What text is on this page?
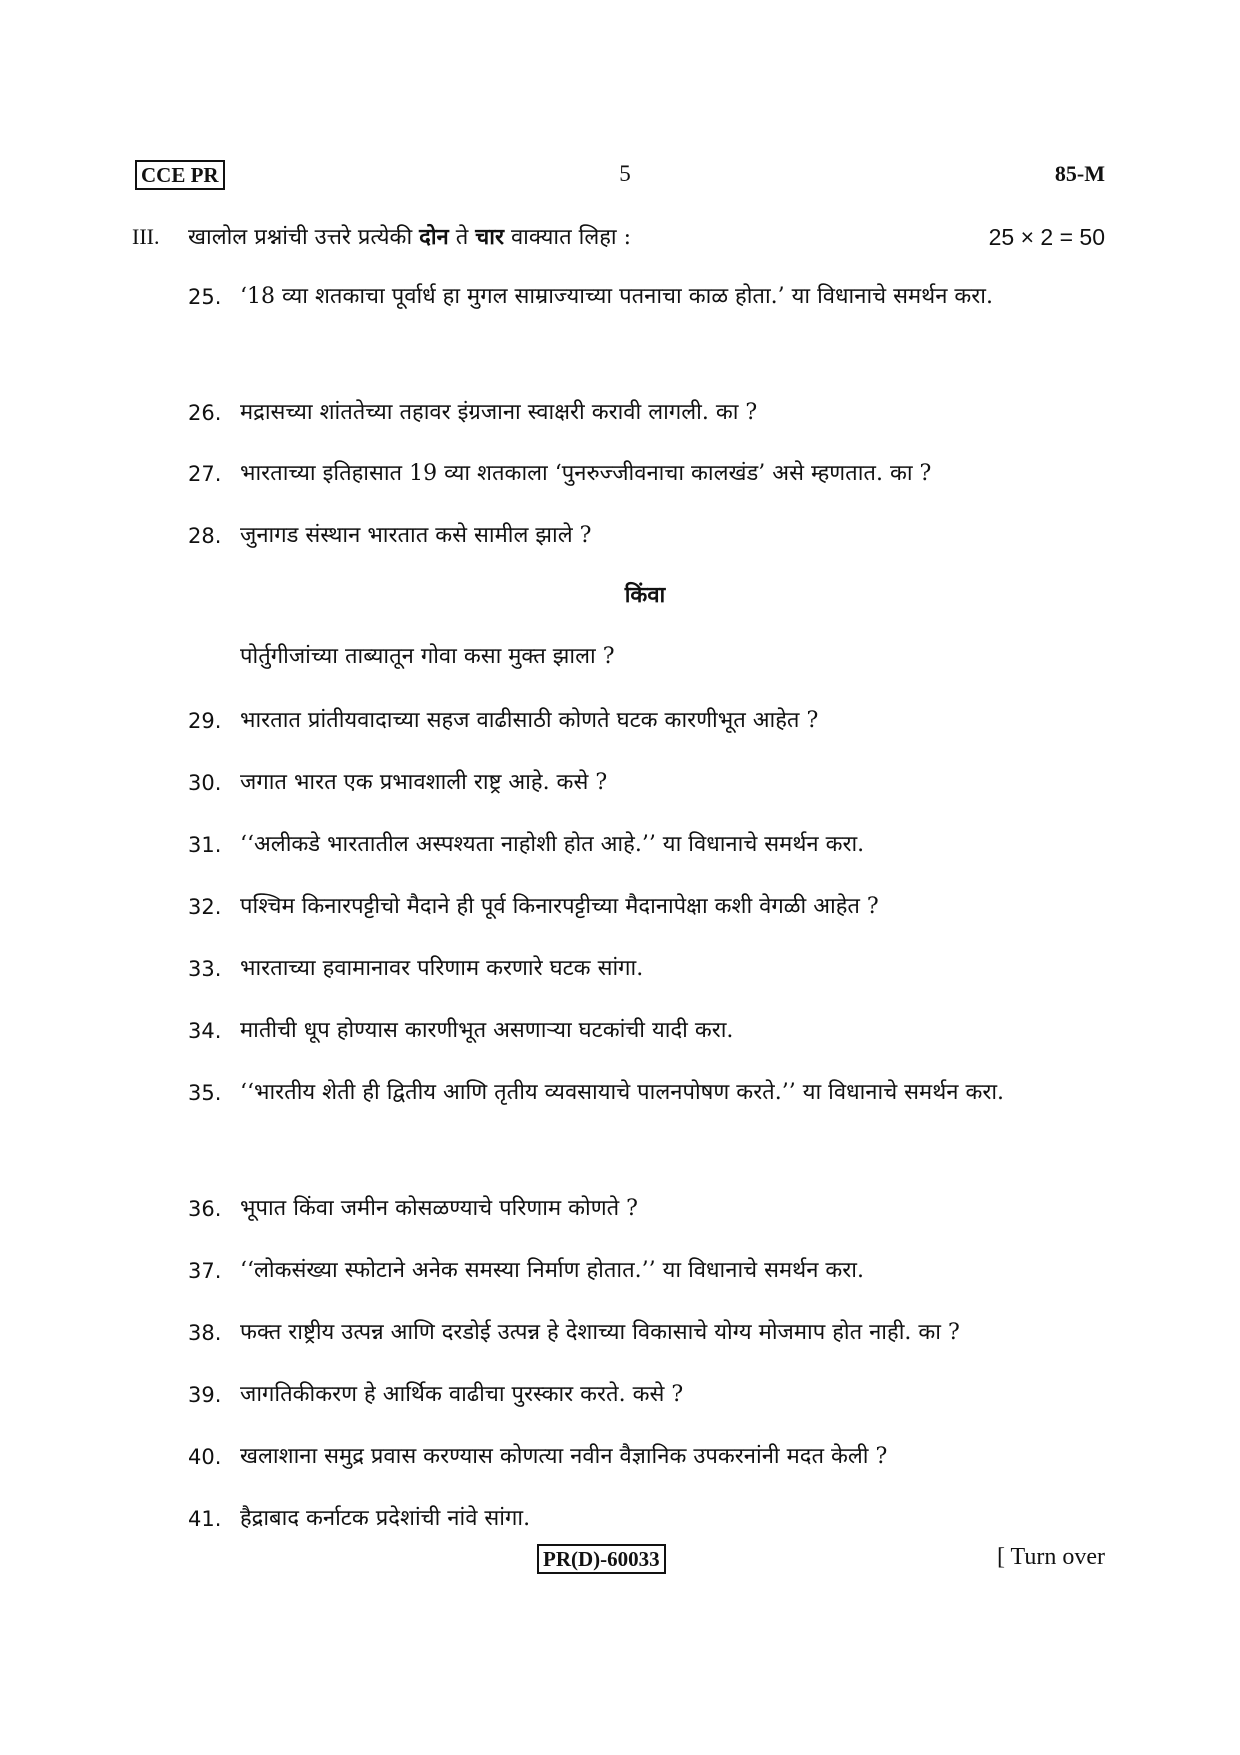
CCE PR	5	85-M
III. खालोल प्रश्नांची उत्तरे प्रत्येकी दोन ते चार वाक्यात लिहा :	25 × 2 = 50
25. ‘18 व्या शतकाचा पूर्वार्ध हा मुगल साम्राज्याच्या पतनाचा काळ होता.’ या विधानाचे समर्थन करा.
26. मद्रासच्या शांततेच्या तहावर इंग्रजाना स्वाक्षरी करावी लागली. का ?
27. भारताच्या इतिहासात 19 व्या शतकाला ‘पुनरुज्जीवनाचा कालखंड’ असे म्हणतात. का ?
28. जुनागड संस्थान भारतात कसे सामील झाले ?
किंवा
पोर्तुगीजांच्या ताब्यातून गोवा कसा मुक्त झाला ?
29. भारतात प्रांतीयवादाच्या सहज वाढीसाठी कोणते घटक कारणीभूत आहेत ?
30. जगात भारत एक प्रभावशाली राष्ट्र आहे. कसे ?
31. ‘‘अलीकडे भारतातील अस्पश्यता नाहोशी होत आहे.’’ या विधानाचे समर्थन करा.
32. पश्चिम किनारपट्टीचो मैदाने ही पूर्व किनारपट्टीच्या मैदानापेक्षा कशी वेगळी आहेत ?
33. भारताच्या हवामानावर परिणाम करणारे घटक सांगा.
34. मातीची धूप होण्यास कारणीभूत असणाऱ्या घटकांची यादी करा.
35. ‘‘भारतीय शेती ही द्वितीय आणि तृतीय व्यवसायाचे पालनपोषण करते.’’ या विधानाचे समर्थन करा.
36. भूपात किंवा जमीन कोसळण्याचे परिणाम कोणते ?
37. ‘‘लोकसंख्या स्फोटाने अनेक समस्या निर्माण होतात.’’ या विधानाचे समर्थन करा.
38. फक्त राष्ट्रीय उत्पन्न आणि दरडोई उत्पन्न हे देशाच्या विकासाचे योग्य मोजमाप होत नाही. का ?
39. जागतिकीकरण हे आर्थिक वाढीचा पुरस्कार करते. कसे ?
40. खलाशाना समुद्र प्रवास करण्यास कोणत्या नवीन वैज्ञानिक उपकरनांनी मदत केली ?
41. हैद्राबाद कर्नाटक प्रदेशांची नांवे सांगा.
PR(D)-60033	[ Turn over
